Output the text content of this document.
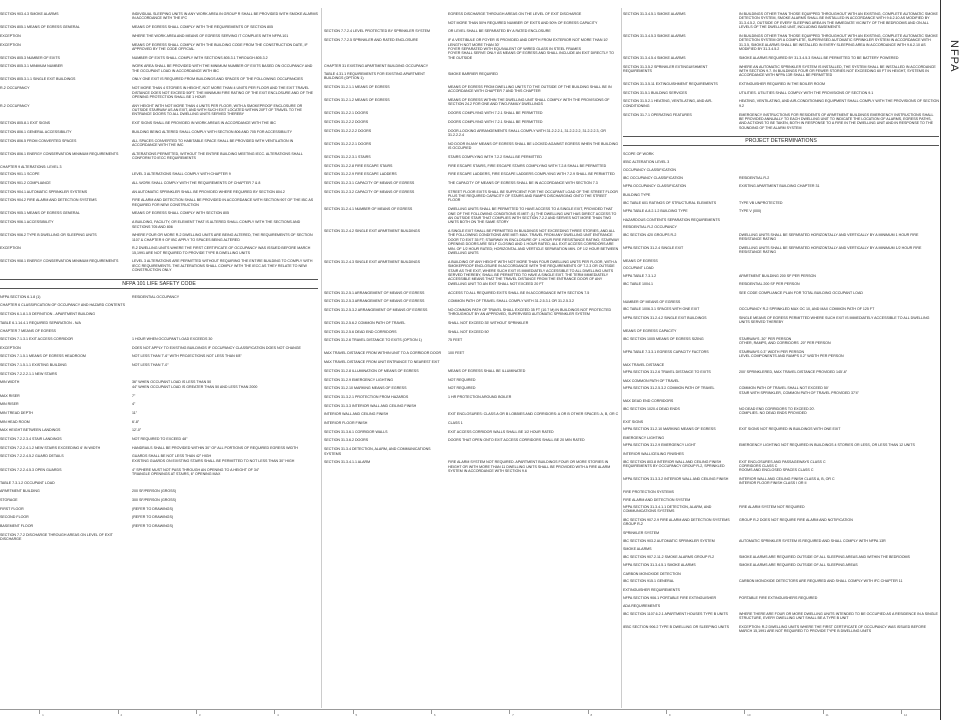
SECTION 903.4.3 SMOKE ALARMS	INDIVIDUAL SLEEPING UNITS IN ANY WORK AREA IN GROUP R SHALL BE PROVIDED WITH SMOKE ALARMS IN ACCORDANCE WITH THE IFC
SECTION 805.1 MEANS OF EGRESS GENERAL	MEANS OF EGRESS SHALL COMPLY WITH THE REQUIREMENTS OF SECTION 805
EXCEPTION	WHERE THE WORK AREA AND MEANS OF EGRESS SERVING IT COMPLIES WITH NFPA 101
EXCEPTION	MEANS OF EGRESS SHALL COMPLY WITH THE BUILDING CODE FROM THE CONSTRUCTION DATE, IF APPROVED BY THE CODE OFFICIAL
SECTION 805.3 NUMBER OF EXITS	NUMBER OF EXITS SHALL COMPLY WITH SECTIONS 805.3.1 THROUGH 805.3.2
SECTION 805.3.1 MINIMUM NUMBER	WORK AREA SHALL BE PROVIDED WITH THE MINIMUM NUMBER OF EXITS BASED ON OCCUPANCY AND THE OCCUPANT LOAD IN ACCORDANCE WITH IBC
SECTION 805.3.1.1 SINGLE EXIT BUILDINGS	ONLY ONE EXIT IS REQUIRED FROM BUILDINGS AND SPACES OF THE FOLLOWING OCCUPANCIES
R-2 OCCUPANCY	NOT MORE THAN 4 STORIES IN HEIGHT, NOT MORE THAN 4 UNITS PER FLOOR AND THE EXIT TRAVEL DISTANCE DOES NOT EXCEED 50FT. THE MINIMUM FIRE RATING OF THE EXIT ENCLOSURE AND OF THE OPENING PROTECTION SHALL BE 1 HOUR
R-2 OCCUPANCY	ANY HEIGHT WITH NOT MORE THAN 4 UNITS PER FLOOR, WITH A SMOKEPROOF ENCLOSURE OR OUTSIDE STAIRWAY AS AN EXIT, AND WITH SUCH EXIT LOCATED WITHIN 20FT OF TRAVEL TO THE ENTRANCE DOORS TO ALL DWELLING UNITS SERVED THEREBY
SECTION 805.8.1 EXIT SIGNS	EXIT SIGNS SHALL BE PROVIDED IN WORK AREAS IN ACCORDANCE WITH THE IBC
SECTION 806.1 GENERAL ACCESSIBILITY	BUILDING BEING ALTERED SHALL COMPLY WITH SECTION 806 AND 705 FOR ACCESSIBILITY
SECTION 806.5 FROM CONVERTED SPACES	ALL SPACES CONVERTED TO HABITABLE SPACE SHALL BE PROVIDED WITH VENTILATION IN ACCORDANCE WITH THE IMC
SECTION 806.1 ENERGY CONSERVATION MINIMUM REQUIREMENTS	ALTERATIONS PERMITTED, WITHOUT THE ENTIRE BUILDING MEETING IECC. ALTERATIONS SHALL CONFORM TO IECC REQUIREMENTS
CHAPTER 9 ALTERATIONS: LEVEL 3
SECTION 901.1 SCOPE	LEVEL 3 ALTERATIONS SHALL COMPLY WITH CHAPTER 9
SECTION 901.2 COMPLIANCE	ALL WORK SHALL COMPLY WITH THE REQUIREMENTS OF CHAPTER 7 & 8
SECTION 904.1 AUTOMATIC SPRINKLER SYSTEMS	AN AUTOMATIC SPRINKLER SHALL BE PROVIDED WHERE REQUIRED BY SECTION 804.2
SECTION 904.2 FIRE ALARM AND DETECTION SYSTEMS	FIRE ALARM AND DETECTION SHALL BE PROVIDED IN ACCORDANCE WITH SECTION 907 OF THE IBC AS REQUIRED FOR NEW CONSTRUCTION
SECTION 905.1 MEANS OF EGRESS GENERAL	MEANS OF EGRESS SHALL COMPLY WITH SECTION 805
SECTION 906.1 ACCESSIBILITY	A BUILDING, FACILITY, OR ELEMENT THAT IS ALTERED SHALL COMPLY WITH THE SECTIONS AND SECTIONS 705 AND 806
SECTION 906.2 TYPE B DWELLING OR SLEEPING UNITS	WHERE FOUR OR MORE R-2 DWELLING UNITS ARE BEING ALTERED, THE REQUIREMENTS OF SECTION 1107 & CHAPTER 9 OF IBC APPLY TO SPACES BEING ALTERED
EXCEPTION	R-2 DWELLING UNITS WHERE THE FIRST CERTIFICATE OF OCCUPANCY WAS ISSUED BEFORE MARCH 15,1991 ARE NOT REQUIRED TO PROVIDE TYPE B DWELLING UNITS
SECTION 908.1 ENERGY CONSERVATION MINIMUM REQUIREMENTS	LEVEL 3 ALTERATIONS ARE PERMITTED WITHOUT REQUIRING THE ENTIRE BUILDING TO COMPLY WITH IECC REQUIREMENTS. THE ALTERATIONS SHALL COMPLY WITH THE IECC AS THEY RELATE TO NEW CONSTRUCTION ONLY
NFPA 101 LIFE SAFETY CODE
NFPA SECTION 6.1.8 (1)	RESIDENTIAL OCCUPANCY
CHAPTER 6 CLASSIFICATION OF OCCUPANCY AND HAZARD CONTENTS
SECTION 6.1.8.1.5 DEFINITION - APARTMENT BUILDING
TABLE 6.1.14.4.1 REQUIRED SEPARATION - N/A
CHAPTER 7 MEANS OF EGRESS
SECTION 7.1.3.1 EXIT ACCESS CORRIDOR	1 HOUR WHEN OCCUPANT LOAD EXCEEDS 30
EXCEPTION	DOES NOT APPLY TO EXISTING BUILDINGS IF OCCUPANCY CLASSIFICATION DOES NOT CHANGE
SECTION 7.1.5.1 MEANS OF EGRESS HEADROOM	NOT LESS THAN 7'-6" WITH PROJECTIONS NOT LESS THAN 6'8"
SECTION 7.1.5.1.1 EXISTING BUILDING	NOT LESS THAN 7'-0"
SECTION 7.2.2.2.1.1 NEW STAIRS
MIN WIDTH	36" WHEN OCCUPANT LOAD IS LESS THAN 50
44" WHEN OCCUPANT LOAD IS GREATER THAN 50 AND LESS THAN 2000
MAX RISER	7"
MIN RISER	4"
MIN TREAD DEPTH	11"
MIN HEAD ROOM	6'-8"
MAX HEIGHT BETWEEN LANDINGS	12'-0"
SECTION 7.2.2.3.4 STAIR LANDINGS	NOT REQUIRED TO EXCEED 48"
SECTION 7.2.2.4.1.2 NEW STAIRS EXCEEDING 6' IN WIDTH	HANDRAILS SHALL BE PROVIDED WITHIN 30" OF ALL PORTIONS OF REQUIRED EGRESS WIDTH
SECTION 7.2.2.4.5.2 GUARD DETAILS	GUARDS SHALL BE NOT LESS THAN 42" HIGH
EXISTING GUARDS ON EXISTING STAIRS SHALL BE PERMITTED TO NOT LESS THAN 30" HIGH
SECTION 7.2.2.4.5.3 OPEN GUARDS	4" SPHERE MUST NOT PASS THROUGH AN OPENING TO A HEIGHT OF 34"
TRIANGLE OPENINGS AT STAIRS, 6" OPENING MAX
TABLE 7.3.1.2 OCCUPANT LOAD
APARTMENT BUILDING	200 SF/PERSON (GROSS)
STORAGE	300 SF/PERSON (GROSS)
FIRST FLOOR	(REFER TO DRAWINGS)
SECOND FLOOR	(REFER TO DRAWINGS)
BASEMENT FLOOR	(REFER TO DRAWINGS)
SECTION 7.7.2 DISCHARGE THROUGH AREAS ON LEVEL OF EXIT DISCHARGE
EGRESS DISCHARGE THROUGH AREAS ON THE LEVEL OF EXIT DISCHARGE
NOT MORE THAN 50% REQUIRED NUMBER OF EXITS AND 50% OF EGRESS CAPACITY
SECTION 7.7.2.4 LEVEL PROTECTED BY SPRINKLER SYSTEM	OR LEVEL SHALL BE SEPARATED BY A RATED ENCLOSURE
SECTION 7.7.2.5 SPRINKLER AND RATED ENCLOSURE	IF A VESTIBULE OR FOYER IS PROVIDED AND DEPTH FROM EXTERIOR NOT MORE THAN 10'
LENGTH NOT MORE THAN 30'
FOYER SEPARATED WITH EQUIVALENT OF WIRED GLASS IN STEEL FRAMES
FOYER SHALL SERVE ONLY AS MEANS OF EGRESS AND SHALL INCLUDE AN EXIT DIRECTLY TO THE OUTSIDE
CHAPTER 31 EXISTING APARTMENT BUILDING OCCUPANCY
TABLE 4.31.1 REQUIREMENTS FOR EXISTING APARTMENT BUILDINGS (OPTION 1)
SMOKE BARRIER REQUIRED
SECTION 31.2.1.1 MEANS OF EGRESS	MEANS OF EGRESS FROM DWELLING UNITS TO THE OUTSIDE OF THE BUILDING SHALL BE IN ACCORDANCE WITH CHAPTER 7 AND THIS CHAPTER
SECTION 31.2.1.2 MEANS OF EGRESS	MEANS OF EGRESS WITHIN THE DWELLING UNIT SHALL COMPLY WITH THE PROVISIONS OF SECTION 24.2 FOR ONE AND TWO-FAMILY DWELLINGS
SECTION 31.2.2.1 DOORS	DOORS COMPLYING WITH 7.2.1 SHALL BE PERMITTED
SECTION 31.2.2.2 DOORS	DOORS COMPLYING WITH 7.2.1 SHALL BE PERMITTED
SECTION 31.2.2.2.2 DOORS	DOOR-LOCKING ARRANGEMENTS SHALL COMPLY WITH 31.2.2.2.1, 31.2.2.2.2, 31.2.2.2.3, OR 31.2.2.2.4
SECTION 31.2.2.2.1 DOORS	NO DOOR IN ANY MEANS OF EGRESS SHALL BE LOCKED AGAINST EGRESS WHEN THE BUILDING IS OCCUPIED
SECTION 31.2.2.3.1 STAIRS	STAIRS COMPLYING WITH 7.2.2 SHALL BE PERMITTED
SECTION 31.2.2.8 FIRE ESCAPE STAIRS	FIRE ESCAPE STAIRS, FIRE ESCAPE STAIRS COMPLYING WITH 7.2.8 SHALL BE PERMITTED
SECTION 31.2.2.9 FIRE ESCAPE LADDERS	FIRE ESCAPE LADDERS, FIRE ESCAPE LADDERS COMPLYING WITH 7.2.9 SHALL BE PERMITTED
SECTION 31.2.3.1 CAPACITY OF MEANS OF EGRESS	THE CAPACITY OF MEANS OF EGRESS SHALL BE IN ACCORDANCE WITH SECTION 7.3
SECTION 31.2.3.2 CAPACITY OF MEANS OF EGRESS	STREET FLOOR EXITS SHALL BE SUFFICIENT FOR THE OCCUPANT LOAD OF THE STREET FLOOR PLUS THE REQUIRED CAPACITY OF STAIRS AND RAMPS DISCHARGING ONTO THE STREET FLOOR
SECTION 31.2.4.1 NUMBER OF MEANS OF EGRESS	DWELLING UNITS SHALL BE PERMITTED TO HAVE ACCESS TO A SINGLE EXIT, PROVIDED THAT ONE OF THE FOLLOWING CONDITIONS IS MET: (1) THE DWELLING UNIT HAS DIRECT ACCESS TO AN OUTSIDE STAIR THAT COMPLIES WITH SECTION 7.2.2 AND SERVES NOT MORE THAN TWO UNITS BOTH ON THE SAME STORY
SECTION 31.2.4.2 SINGLE EXIT APARTMENT BUILDINGS	A SINGLE EXIT SHALL BE PERMITTED IN BUILDINGS NOT EXCEEDING THREE STORIES, AND ALL THE FOLLOWING CONDITIONS ARE MET: MAX. TRAVEL FROM ANY DWELLING UNIT ENTRANCE DOOR TO EXIT 35 FT; STAIRWAY IN ENCLOSURE OF 1 HOUR FIRE RESISTANCE RATING; STAIRWAY OPENING DOORS ARE SELF CLOSING AND 1 HOUR RATED; ALL EXIT ACCESS CORRIDORS ARE MIN. OF 1/2 HOUR RATED; HORIZONTAL AND VERTICLE SEPARATION MIN. OF 1/2 HOUR BETWEEN DWELLING UNITS
SECTION 31.2.4.3 SINGLE EXIT APARTMENT BUILDINGS	A BUILDING OF ANY HEIGHT WITH NOT MORE THAN FOUR DWELLING UNITS PER FLOOR, WITH A SMOKEPROOF ENCLOSURE IN ACCORDANCE WITH THE REQUIREMENTS OF 7.2.3 OR OUTSIDE STAIR AS THE EXIT, WHERE SUCH EXIT IS IMMEDIATELY ACCESSIBLE TO ALL DWELLING UNITS SERVED THEREBY, SHALL BE PERMITTED TO HAVE A SINGLE EXIT. THE TERM IMMEDIATELY ACCESSIBLE MEANS THAT THE TRAVEL DISTANCE FROM THE ENTRANCE DOOR OF ANY DWELLING UNIT TO AN EXIT SHALL NOT EXCEED 20 FT
SECTION 31.2.5.1 ARRANGEMENT OF MEANS OF EGRESS	ACCESS TO ALL REQUIRED EXITS SHALL BE IN ACCORDANCE WITH SECTION 7.5
SECTION 31.2.5.3 ARRANGEMENT OF MEANS OF EGRESS	COMMON PATH OF TRAVEL SHALL COMPLY WITH 31.2.5.3.1 OR 31.2.5.3.2
SECTION 31.2.5.3.2 ARRANGEMENT OF MEANS OF EGRESS	NO COMMON PATH OF TRAVEL SHALL EXCEED 35 FT (10.7 M) IN BUILDINGS NOT PROTECTED THROUGHOUT BY AN APPROVED, SUPERVISED AUTOMATIC SPRINKLER SYSTEM
SECTION 31.2.5.6.2 COMMON PATH OF TRAVEL	SHALL NOT EXCEED 35' WITHOUT SPRINKLER
SECTION 31.2.5.6 DEAD END CORRIDORS	SHALL NOT EXCEED 50'
SECTION 31.2.6 TRAVEL DISTANCE TO EXITS (OPTION 1)	75 FEET
MAX TRAVEL DISTANCE FROM WITHIN UNIT TO A CORRIDOR DOOR	100 FEET
MAX TRAVEL DISTANCE FROM UNIT ENTRANCE TO NEAREST EXIT
SECTION 31.2.8 ILLUMINATION OF MEANS OF EGRESS	MEANS OF EGRESS SHALL BE ILLUMINATED
SECTION 31.2.9 EMERGENCY LIGHTING	NOT REQUIRED
SECTION 31.2.10 MARKING MEANS OF EGRESS	NOT REQUIRED
SECTION 31.3.2.1 PROTECTION FROM HAZARDS	1 HR PROTECTION AROUND BOILER
SECTION 31.3.3 INTERIOR WALL AND CEILING FINISH
INTERIOR WALL AND CEILING FINISH	EXIT ENCLOSURES: CLASS A OR B LOBBIES AND CORRIDORS: A OR B OTHER SPACES: A, B, OR C
INTERIOR FLOOR FINISH	CLASS 1
SECTION 31.3.6.1 CORRIDOR WALLS	EXIT ACCESS CORRIDOR WALLS SHALL BE 1/2 HOUR RATED
SECTION 31.3.6.2 DOORS	DOORS THAT OPEN ONTO EXIT ACCESS CORRIDORS SHALL BE 20 MIN RATED
SECTION 31.3.4 DETECTION, ALARM, AND COMMUNICATIONS SYSTEMS
SECTION 31.3.4.1.1 ALARM	FIRE ALARM SYSTEM NOT REQUIRED. APARTMENT BUILDINGS FOUR OR MORE STORIES IN HEIGHT OR WITH MORE THAN 11 DWELLING UNITS SHALL BE PROVIDED WITH A FIRE ALARM SYSTEM IN ACCORDANCE WITH SECTION 9.6
SECTION 31.3.4.5.1 SMOKE ALARMS	IN BUILDINGS OTHER THAN THOSE EQUIPPED THROUGHOUT WITH AN EXISTING, COMPLETE AUTOMATIC SMOKE DETECTION SYSTEM, SMOKE ALARMS SHALL BE INSTALLED IN ACCORDANCE WITH 9.6.2.10 AS MODIFIED BY 31.3.4.5.2, OUTSIDE OF EVERY SLEEPING AREA IN THE IMMEDIATE VICINITY OF THE BEDROOMS AND ON ALL LEVELS OF THE DWELLING UNIT, INCLUDING BASEMENTS
SECTION 31.3.4.5.3 SMOKE ALARMS	IN BUILDINGS OTHER THAN THOSE EQUIPPED THROUGHOUT WITH AN EXISTING, COMPLETE AUTOMATIC SMOKE DETECTION SYSTEM OR A COMPLETE, SUPERVISED AUTOMATIC SPRINKLER SYSTEM IN ACCORDANCE WITH 31.3.5, SMOKE ALARMS SHALL BE INSTALLED IN EVERY SLEEPING AREA IN ACCORDANCE WITH 9.6.2.10 AS MODIFIED BY 31.3.4.5.2
SECTION 31.3.4.5.4 SMOKE ALARMS	SMOKE ALARMS REQUIRED BY 31.3.4.5.3 SHALL BE PERMITTED TO BE BATTERY POWERED
SECTION 31.3.5.2 SPRINKLER EXTINGUISHMENT REQUIREMENTS
WHERE AN AUTOMATIC SPRINKLER SYSTEM IS INSTALLED, THE SYSTEM SHALL BE INSTALLED IN ACCORDANCE WITH SECTION 9.7. IN BUILDINGS FOUR OR FEWER STORIES NOT EXCEEDING 60 FT IN HEIGHT, SYSTEMS IN ACCORDANCE WITH NFPA 13R SHALL BE PERMITTED
SECTION 31.3.5.11 EXTINGUISHMENT REQUIREMENTS	EXTINGUISHER REQUIRED IN THE BOILER ROOM
SECTION 31.5.1 BUILDING SERVICES	UTILITIES. UTILITIES SHALL COMPLY WITH THE PROVISIONS OF SECTION 9.1
SECTION 31.5.2.1 HEATING, VENTILATING, AND AIR-CONDITIONING
HEATING, VENTILATING, AND AIR-CONDITIONING EQUIPMENT SHALL COMPLY WITH THE PROVISIONS OF SECTION 9.2
SECTION 31.7.1 OPERATING FEATURES	EMERGENCY INSTRUCTIONS FOR RESIDENTS OF APARTMENT BUILDINGS EMERGENCY INSTRUCTIONS SHALL BE PROVIDED ANNUALLY TO EACH DWELLING UNIT TO INDICATE THE LOCATION OF ALARMS, EGRESS PATHS, AND ACTIONS TO BE TAKEN, BOTH IN RESPONSE TO A FIRE IN THE DWELLING UNIT AND IN RESPONSE TO THE SOUNDING OF THE ALARM SYSTEM
PROJECT DETERMINATIONS
SCOPE OF WORK
IEBC ALTERATION LEVEL 3
OCCUPANCY CLASSIFICATION
IBC OCCUPANCY CLASSIFICATION	RESIDENTIAL R-2
NFPA OCCUPANCY CLASSIFICATION	EXISTING APARTMENT BUILDING CHAPTER 31
BUILDING TYPE
IBC TABLE 601 RATINGS OF STRUCTURAL ELEMENTS	TYPE VB UNPROTECTED
NFPA TABLE A.8.2.1.2 BUILDING TYPE	TYPE V (000)
HAZARDOUS CONTENTS SEPARATION REQUIREMENTS
RESIDENTIAL R-2 OCCUPANCY
IBC SECTION 420 GROUPS R-2	DWELLING UNITS SHALL BE SEPARATED HORIZONTALLY AND VERTICALLY BY A MINIMUM 1 HOUR FIRE RESISTANCE RATING
NFPA SECTION 31.2.4 SINGLE EXIT	DWELLING UNITS SHALL BE SEPARATED HORIZONTALLY AND VERTICALLY BY A MINIMUM 1/2 HOUR FIRE RESISTANCE RATING
MEANS OF EGRESS
OCCUPANT LOAD
NFPA TABLE 7.3.1.2	APARTMENT BUILDING 200 SF PER PERSON
IBC TABLE 1004.1	RESIDENTIAL 200 SF PER PERSON
SEE CODE COMPLIANCE PLAN FOR TOTAL BUILDING OCCUPANT LOAD
NUMBER OF MEANS OF EGRESS
IBC TABLE 1006.3.1 SPACES WITH ONE EXIT	OCCUPANCY R-2 SPRINKLED MAX OC 10, AND MAX COMMON PATH OF 125 FT
NFPA SECTION 31.2.4.2 SINGLE EXIT BUILDINGS	SINGLE MEANS OF EGRESS PERMITTED WHERE SUCH EXIT IS IMMEDIATELY ACCESSIBLE TO ALL DWELLING UNITS SERVED THEREBY
MEANS OF EGRESS CAPACITY
IBC SECTION 1005 MEANS OF EGRESS SIZING	STAIRWAYS .30" PER PERSON
OTHER, RAMPS, AND CORRIDORS .20" PER PERSON
NFPA TABLE 7.3.3.1 EGRESS CAPACITY FACTORS	STAIRWAYS 0.3" WIDTH PER PERSON
LEVEL COMPONENTS AND RAMPS 0.2" WIDTH PER PERSON
MAX TRAVEL DISTANCE
NFPA SECTION 31.2.6 TRAVEL DISTANCE TO EXITS	200' SPRINKLERED, MAX TRAVEL DISTANCE PROVIDED 145'-6"
MAX COMMON PATH OF TRAVEL
NFPA SECTION 31.2.5.3.2 COMMON PATH OF TRAVEL	COMMON PATH OF TRAVEL SHALL NOT EXCEED 50'
STAIR WITH SPRINKLER, COMMON PATH OF TRAVEL PROVIDED 37'4"
MAX DEAD END CORRIDORS
IBC SECTION 1020.4 DEAD ENDS	NO DEAD END CORRIDORS TO EXCEED 20'.
COMPLIES. NO DEAD ENDS PROVIDED
EXIT SIGNS
NFPA SECTION 31.2.10 MARKING MEANS OF EGRESS	EXIT SIGNS NOT REQUIRED IN BUILDINGS WITH ONE EXIT
EMERGENCY LIGHTING
NFPA SECTION 31.2.9 EMERGENCY LIGHT	EMERGENCY LIGHTING NOT REQUIRED IN BUILDINGS 4 STORIES OR LESS, OR LESS THAN 12 UNITS
INTERIOR WALL/CEILING FINISHES
IBC SECTION 803.8 INTERIOR WALL AND CEILING FINISH REQUIREMENTS BY OCCUPANCY GROUP R-2, SPRINKLED
EXIT ENCLOSURES AND PASSAGEWAYS CLASS C
CORRIDORS CLASS C
ROOMS AND ENCLOSED SPACES CLASS C
NFPA SECTION 31.3.3.2 INTERIOR WALL AND CEILING FINISH	INTERIOR WALL AND CEILING FINISH CLASS A, B, OR C
INTERIOR FLOOR FINISH CLASS I OR II
FIRE PROTECTION SYSTEMS
FIRE ALARM AND DETECTION SYSTEM
NFPA SECTION 31.3.4.1.1 DETECTION, ALARM, AND COMMUNICATIONS SYSTEMS
FIRE ALARM SYSTEM NOT REQUIRED
IBC SECTION 907.2.9 FIRE ALARM AND DETECTION SYSTEMS GROUP R-2
GROUP R-2 DOES NOT REQUIRE FIRE ALARM AND NOTIFICATION
SPRINKLER SYSTEM
IBC SECTION 903.2 AUTOMATIC SPRINKLER SYSTEM	AUTOMATIC SPRINKLER SYSTEM IS REQUIRED AND SHALL COMPLY WITH NFPA 13R
SMOKE ALARMS
IBC SECTION 907.2.11.2 SMOKE ALARMS GROUP R-2	SMOKE ALARMS ARE REQUIRED OUTSIDE OF ALL SLEEPING AREAS AND WITHIN THE BEDROOMS
NFPA SECTION 31.3.4.5.1 SMOKE ALARMS	SMOKE ALARMS ARE REQUIRED OUTSIDE OF ALL SLEEPING AREAS
CARBON MONOXIDE DETECTION
IBC SECTION 915.1 GENERAL	CARBON MONOXIDE DETECTORS ARE REQUIRED AND SHALL COMPLY WITH IFC CHAPTER 11
EXTINGUISHER REQUIREMENTS
NFPA SECTION 906.1 PORTABLE FIRE EXTINGUISHER	PORTABLE FIRE EXTINGUISHERS REQUIRED
ADA REQUIREMENTS
IBC SECTION 1107.6.2.1 APARTMENT HOUSES TYPE B UNITS	WHERE THERE ARE FOUR OR MORE DWELLING UNITS INTENDED TO BE OCCUPIED AS A RESIDENCE IN A SINGLE STRUCTURE, EVERY DWELLING UNIT SHALL BE A TYPE B UNIT
IEBC SECTION 906.2 TYPE B DWELLING OR SLEEPING UNITS	EXCEPTION: R-2 DWELLING UNITS WHERE THE FIRST CERTIFICATE OF OCCUPANCY WAS ISSUED BEFORE MARCH 15,1991 ARE NOT REQUIRED TO PROVIDE TYPE B DWELLING UNITS
NFPA
1	2	3	4	5	6	7	8	9	10	11	12
